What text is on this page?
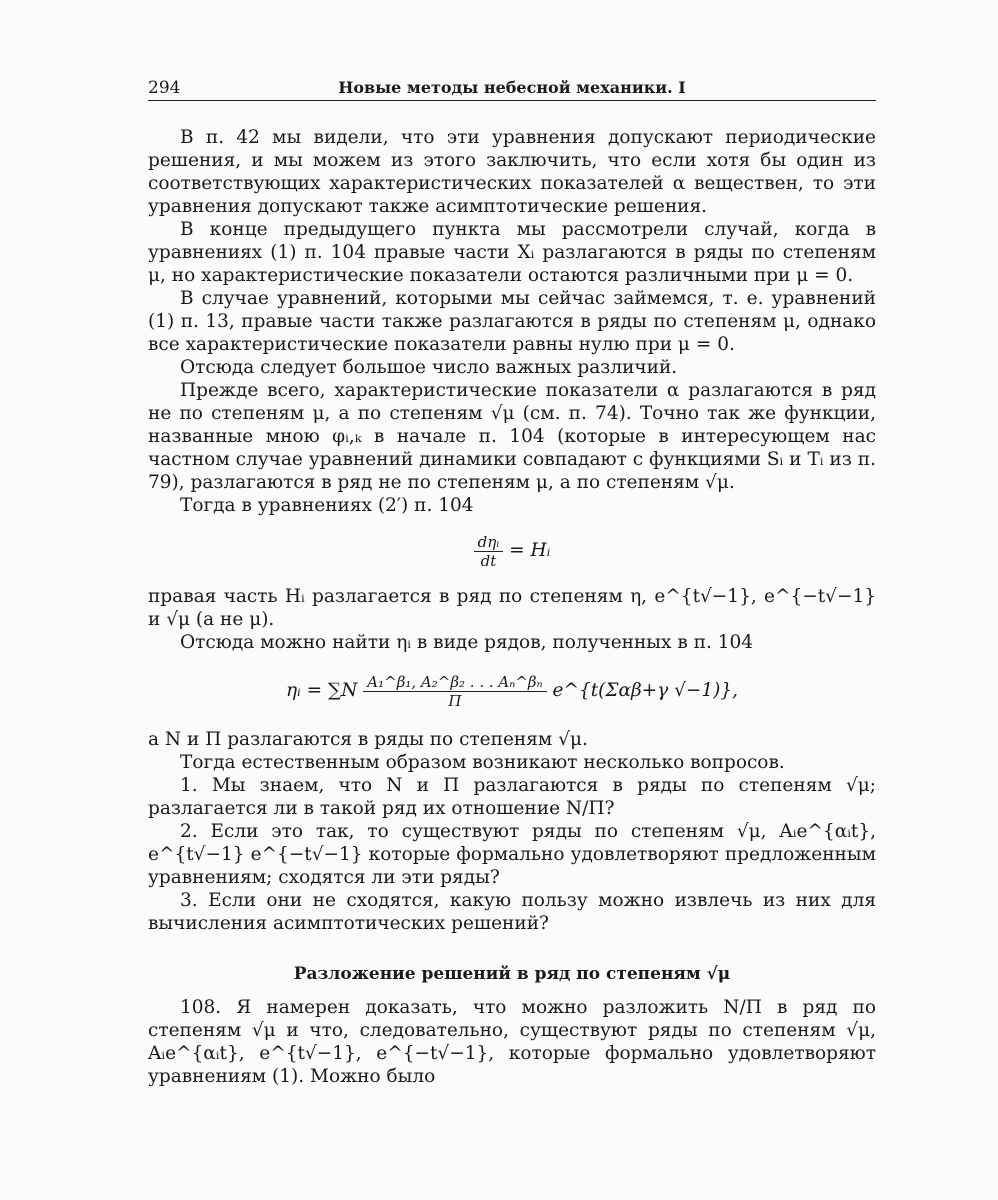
294	Новые методы небесной механики. I

В п. 42 мы видели, что эти уравнения допускают периодические решения, и мы можем из этого заключить, что если хотя бы один из соответствующих характеристических показателей α веществен, то эти уравнения допускают также асимптотические решения.

В конце предыдущего пункта мы рассмотрели случай, когда в уравнениях (1) п. 104 правые части Xᵢ разлагаются в ряды по степеням μ, но характеристические показатели остаются различными при μ = 0.

В случае уравнений, которыми мы сейчас займемся, т. е. уравнений (1) п. 13, правые части также разлагаются в ряды по степеням μ, однако все характеристические показатели равны нулю при μ = 0.

Отсюда следует большое число важных различий.

Прежде всего, характеристические показатели α разлагаются в ряд не по степеням μ, а по степеням √μ (см. п. 74). Точно так же функции, названные мною φᵢ,ₖ в начале п. 104 (которые в интересующем нас частном случае уравнений динамики совпадают с функциями Sᵢ и Tᵢ из п. 79), разлагаются в ряд не по степеням μ, а по степеням √μ.

Тогда в уравнениях (2′) п. 104

$\frac{\text{dηᵢ}}{dt}$ = Hᵢ

правая часть Hᵢ разлагается в ряд по степеням η, e^{t√−1}, e^{−t√−1} и √μ (а не μ).

Отсюда можно найти ηᵢ в виде рядов, полученных в п. 104

ηᵢ = $\sum N \frac{\text{A₁\textasciicircum{}β₁, A₂\textasciicircum{}β₂ . . . Aₙ\textasciicircum{}βₙ}}{\Pi}$ e^{t(Σαβ+γ √−1)},

а N и Π разлагаются в ряды по степеням √μ.

Тогда естественным образом возникают несколько вопросов.

1. Мы знаем, что N и Π разлагаются в ряды по степеням √μ; разлагается ли в такой ряд их отношение N/Π?

2. Если это так, то существуют ряды по степеням √μ, Aᵢe^{αᵢt}, e^{t√−1} e^{−t√−1} которые формально удовлетворяют предложенным уравнениям; сходятся ли эти ряды?

3. Если они не сходятся, какую пользу можно извлечь из них для вычисления асимптотических решений?

Разложение решений в ряд по степеням √μ

108. Я намерен доказать, что можно разложить N/Π в ряд по степеням √μ и что, следовательно, существуют ряды по степеням √μ, Aᵢe^{αᵢt}, e^{t√−1}, e^{−t√−1}, которые формально удовлетворяют уравнениям (1). Можно было
